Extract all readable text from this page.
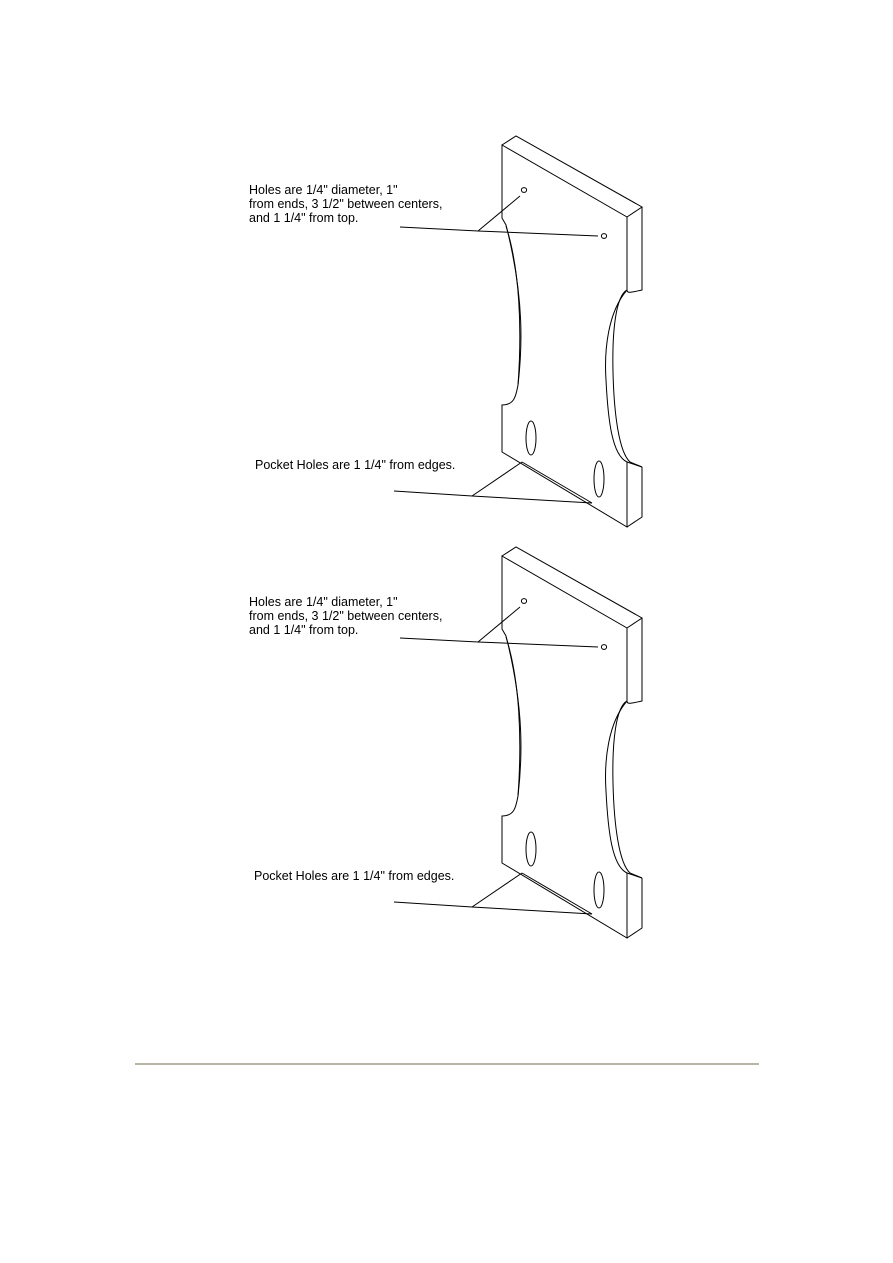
Holes are 1/4" diameter, 1"
from ends, 3 1/2" between centers,
and 1 1/4" from top.
Pocket Holes are 1 1/4" from edges.
Holes are 1/4" diameter, 1"
from ends, 3 1/2" between centers,
and 1 1/4" from top.
Pocket Holes are 1 1/4" from edges.
